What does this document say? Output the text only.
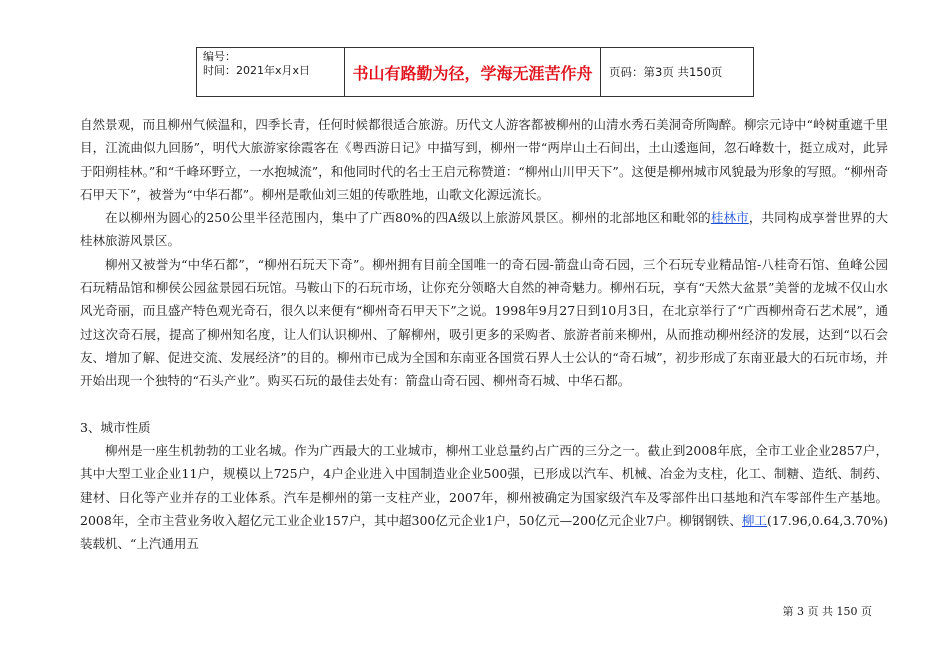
编号：
时间：2021年x月x日	书山有路勤为径，学海无涯苦作舟	页码：第3页 共150页

自然景观，而且柳州气候温和，四季长青，任何时候都很适合旅游。历代文人游客都被柳州的山清水秀石美洞奇所陶醉。柳宗元诗中“岭树重遮千里目，江流曲似九回肠”，明代大旅游家徐霞客在《粤西游日记》中描写到，柳州一带“两岸山土石间出，土山逶迤间，忽石峰数十，挺立成对，此异于阳朔桂林。”和“千峰环野立，一水抱城流”，和他同时代的名士王启元称赞道：“柳州山川甲天下”。这便是柳州城市风貌最为形象的写照。“柳州奇石甲天下”，被誉为“中华石都”。柳州是歌仙刘三姐的传歌胜地，山歌文化源远流长。

在以柳州为圆心的250公里半径范围内，集中了广西80%的四A级以上旅游风景区。柳州的北部地区和毗邻的桂林市，共同构成享誉世界的大桂林旅游风景区。

柳州又被誉为“中华石都”，“柳州石玩天下奇”。柳州拥有目前全国唯一的奇石园-箭盘山奇石园，三个石玩专业精品馆-八桂奇石馆、鱼峰公园石玩精品馆和柳侯公园盆景园石玩馆。马鞍山下的石玩市场，让你充分领略大自然的神奇魅力。柳州石玩，享有“天然大盆景”美誉的龙城不仅山水风光奇丽，而且盛产特色观光奇石，很久以来便有“柳州奇石甲天下”之说。1998年9月27日到10月3日，在北京举行了“广西柳州奇石艺术展”，通过这次奇石展，提高了柳州知名度，让人们认识柳州、了解柳州，吸引更多的采购者、旅游者前来柳州，从而推动柳州经济的发展，达到“以石会友、增加了解、促进交流、发展经济”的目的。柳州市已成为全国和东南亚各国赏石界人士公认的“奇石城”，初步形成了东南亚最大的石玩市场，并开始出现一个独特的“石头产业”。购买石玩的最佳去处有：箭盘山奇石园、柳州奇石城、中华石都。

3、城市性质

柳州是一座生机勃勃的工业名城。作为广西最大的工业城市，柳州工业总量约占广西的三分之一。截止到2008年底，全市工业企业2857户，其中大型工业企业11户，规模以上725户，4户企业进入中国制造业企业500强，已形成以汽车、机械、冶金为支柱，化工、制糖、造纸、制药、建材、日化等产业并存的工业体系。汽车是柳州的第一支柱产业，2007年，柳州被确定为国家级汽车及零部件出口基地和汽车零部件生产基地。2008年，全市主营业务收入超亿元工业企业157户，其中超300亿元企业1户，50亿元—200亿元企业7户。柳钢钢铁、柳工(17.96,0.64,3.70%)装载机、“上汽通用五

第 3 页 共 150 页
